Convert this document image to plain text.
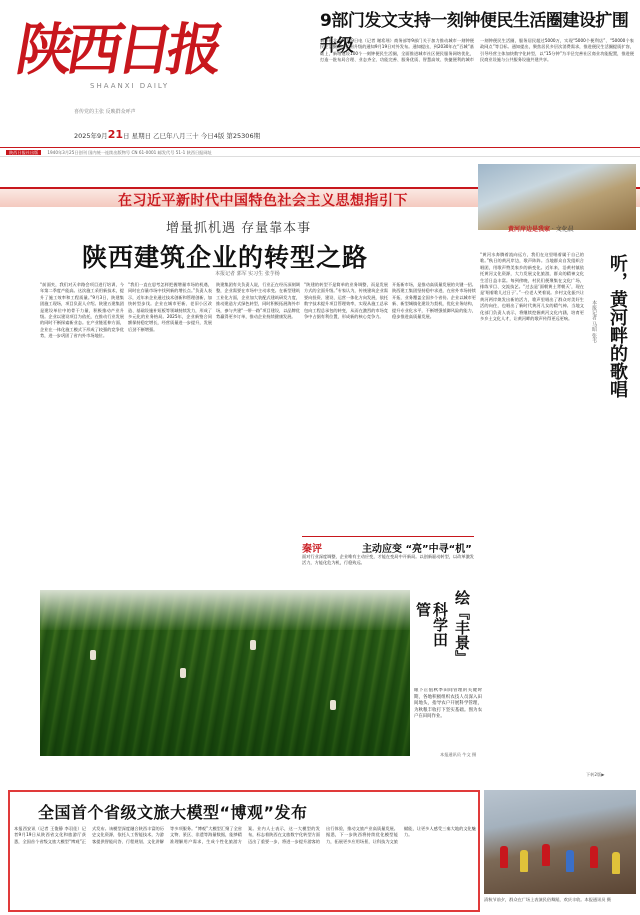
陕西日报
SHAANXI DAILY
喜传党的主张 反映群众呼声
2025年9月21日 星期日 乙巳年八月三十 今日4版 第25306期
9部门发文支持一刻钟便民生活圈建设扩围升级
新华社北京9月19日电（记者 谢希瑶）商务部等9部门关于加力推动城市一刻钟便民生活圈建设扩围升级的通知9月19日对外发布。通知提出，到2030年在“百城”基础上，新增建设100个一刻钟便民生活圈，全面推进城市社区便民服务网络优化，打造一批布局合理、业态齐全、功能完善、服务优质、智慧高效、快捷便利的城市一刻钟便民生活圈，服务居民超过5000万，实现“5000个便利店”、“50000个家政网点”等目标。通知提出，聚焦居民多层次消费需求，推进便民生活圈提质扩容，引导经营主体加快数字化转型，以“15分钟”为半径完善社区商业功能配置，推进便民商业设施与公共服务设施共建共享。
陕西日报社出版 1940年3月25日创刊 国内统一连续出版物号 CN 61-0001 邮发代号 51-1 陕西日报网址
在习近平新时代中国特色社会主义思想指引下
增量抓机遇 存量靠本事
陕西建筑企业的转型之路
本报记者 郭军 实习生 张芋杨
“前面夹，我们对天伞路会项目进行培训，今年第二季度产能高。这次施工采用新技术，提升了施工效率和工程质量。”9月3日，陕建集团施工现场，项目负责人介绍。陕建五建集团是建设单位中的骨干力量，积极推动产业升级。企业以建设项目为依托，在推动行业发展的同时不断探索新业态。在产业链延伸方面，企业在一体化施工模式下形成了较强的竞争优势，进一步巩固了省内外市场地位。
“我们一直在思考怎样把握增量市场的机遇，同时在存量市场中找到新的增长点。”负责人表示，近年来企业通过技术创新和管理创新，加快转型步伐。企业在城市更新、老旧小区改造、基础设施补短板等领域持续发力，形成了多元化的业务格局。2025年，企业新签合同额保持稳定增长，经营质量进一步提升，发展后劲不断增强。
陕建集团有关负责人说，行业正在经历深刻调整，企业需要在市场中主动求变。在新型建筑工业化方面，企业加大装配式建筑研发力度，推动建造方式绿色转型，同时积极拓展海外市场，参与共建“一带一路”项目建设，以品牌优势赢得更多订单，推动企业持续健康发展。
“陕建的转型不是简单的业务调整，而是发展方式的全面升级。”专家认为，传统建筑企业需要向投资、建设、运营一体化方向发展，依托数字技术提升项目管理效率，实现从施工总承包向工程总承包的转变，从而在激烈的市场竞争中占据有利位置，形成新的核心竞争力。
开拓新市场，是推动高质量发展的关键一招。陕西建工集团坚持稳中求进，在省外市场持续开拓，业务覆盖全国多个省份。企业以城市更新、新型城镇化建设为契机，优化业务结构，提升专业化水平，不断增强抵御风险的能力，稳步推进高质量发展。
秦评	主动应变 “亮”中寻“机”
面对行业深度调整，企业唯有主动应变，才能在变局中开新局。以创新驱动转型，以改革激发活力，方能化危为机，行稳致远。
黄河岸边是我家 · 文化晨
听，黄河畔的歌唱
本报记者 马昭 张韦
“黄河水奔腾着流向远方，我们在这里唱着属于自己的歌。”秋日的黄河岸边，歌声阵阵。当地群众自发组织合唱团，用歌声赞美家乡的新变化。近年来，沿黄村镇依托黄河文化资源，大力发展文化旅游，群众的精神文化生活日益丰富。每到傍晚，村民们便聚集在文化广场，排练节目、交流技艺。“过去是‘面朝黄土背朝天’，现在是‘唱着歌儿过日子’。”一位老人笑着说。乡村文化振兴让黄河两岸焕发出新的活力，歌声里唱出了群众对美好生活的向往，也唱出了新时代黄河儿女的精气神。当地文化部门负责人表示，将继续挖掘黄河文化内涵，培育更多乡土文化人才，让黄河畔的歌声传得更远更响。
下转2版▶
绘『丰景』
科学田管
眼下正值秋季田间管理的关键时期，各地积极组织农技人员深入田间地头，指导农户开展科学管理，为秋粮丰收打下坚实基础。图为农户在田间作业。
本报通讯员 牛文 摄
全国首个省级文旅大模型“博观”发布
本报西安讯（记者 王俊静 李羽佳）记者9月19日从陕西省文化和旅游厅获悉，全国首个省级文旅大模型“博观”正式发布。该模型深度融合陕西丰富的历史文化资源，依托人工智能技术，为游客提供智能问答、行程规划、文化讲解等多项服务。“博观”大模型汇聚了全省文物、景区、非遗等海量数据，能够精准理解用户需求，生成个性化旅游方案。业内人士表示，这一大模型的发布，标志着陕西在文旅数字化转型方面迈出了重要一步，将进一步提升游客的出行体验，推动文旅产业高质量发展。据悉，下一步陕西将持续优化模型能力，拓展更多应用场景，让科技为文旅赋能，让更多人感受三秦大地的文化魅力。
清秋节前夕，群众在广场上表演民俗舞蹈，欢庆丰收。本报通讯员 摄
